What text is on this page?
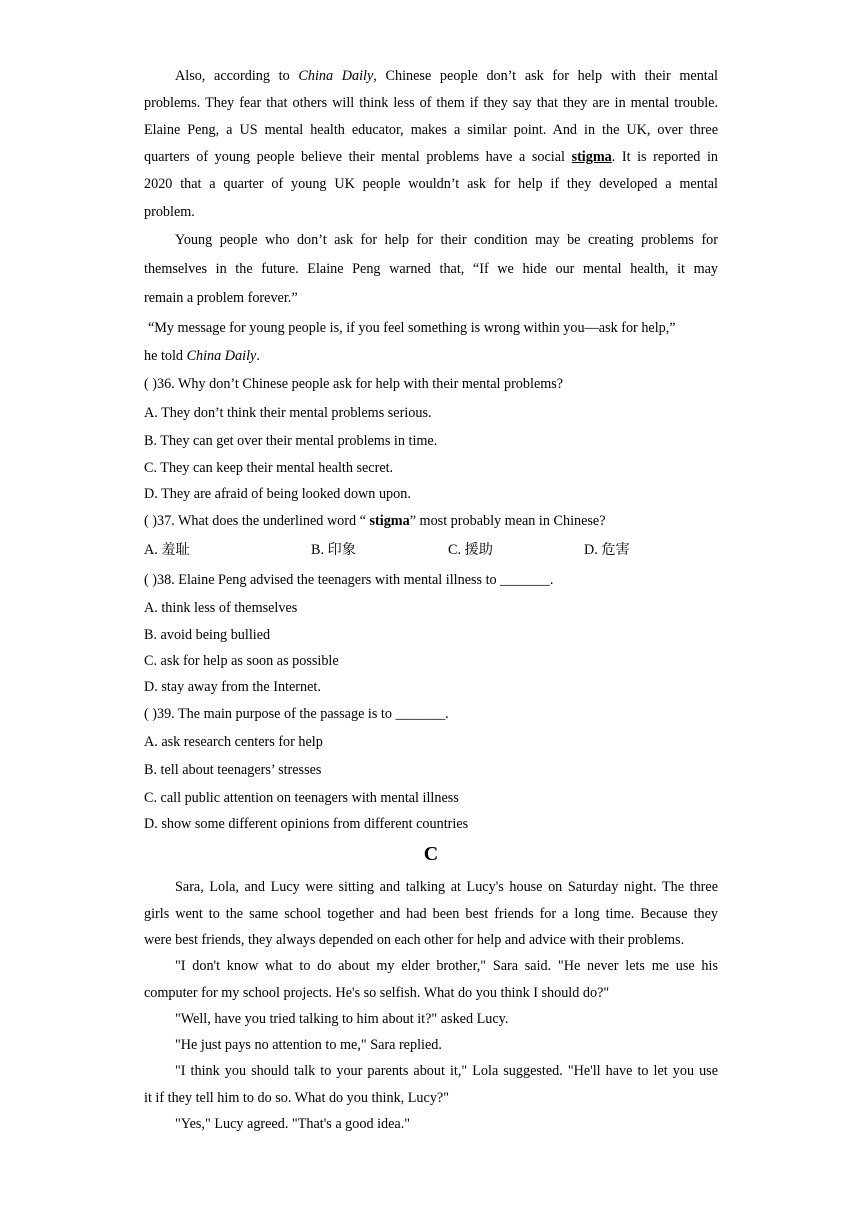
Also, according to China Daily, Chinese people don’t ask for help with their mental
problems. They fear that others will think less of them if they say that they are in mental trouble.
Elaine Peng, a US mental health educator, makes a similar point. And in the UK, over three
quarters of young people believe their mental problems have a social stigma. It is reported in
2020 that a quarter of young UK people wouldn’t ask for help if they developed a mental
problem.
Young people who don’t ask for help for their condition may be creating problems for
themselves in the future. Elaine Peng warned that, “If we hide our mental health, it may
remain a problem forever.”
“My message for young people is, if you feel something is wrong within you—ask for help,”
he told China Daily.
( )36. Why don’t Chinese people ask for help with their mental problems?
A. They don’t think their mental problems serious.
B. They can get over their mental problems in time.
C. They can keep their mental health secret.
D. They are afraid of being looked down upon.
( )37. What does the underlined word “ stigma” most probably mean in Chinese?
A. 羞耻	B. 印象	C. 援助	D. 危害
( )38. Elaine Peng advised the teenagers with mental illness to _______.
A. think less of themselves
B. avoid being bullied
C. ask for help as soon as possible
D. stay away from the Internet.
( )39. The main purpose of the passage is to _______.
A. ask research centers for help
B. tell about teenagers’ stresses
C. call public attention on teenagers with mental illness
D. show some different opinions from different countries
C
Sara, Lola, and Lucy were sitting and talking at Lucy's house on Saturday night. The three
girls went to the same school together and had been best friends for a long time. Because they
were best friends, they always depended on each other for help and advice with their problems.
"I don't know what to do about my elder brother," Sara said. "He never lets me use his
computer for my school projects. He's so selfish. What do you think I should do?"
"Well, have you tried talking to him about it?" asked Lucy.
"He just pays no attention to me," Sara replied.
"I think you should talk to your parents about it," Lola suggested. "He'll have to let you use
it if they tell him to do so. What do you think, Lucy?"
"Yes," Lucy agreed. "That's a good idea."
